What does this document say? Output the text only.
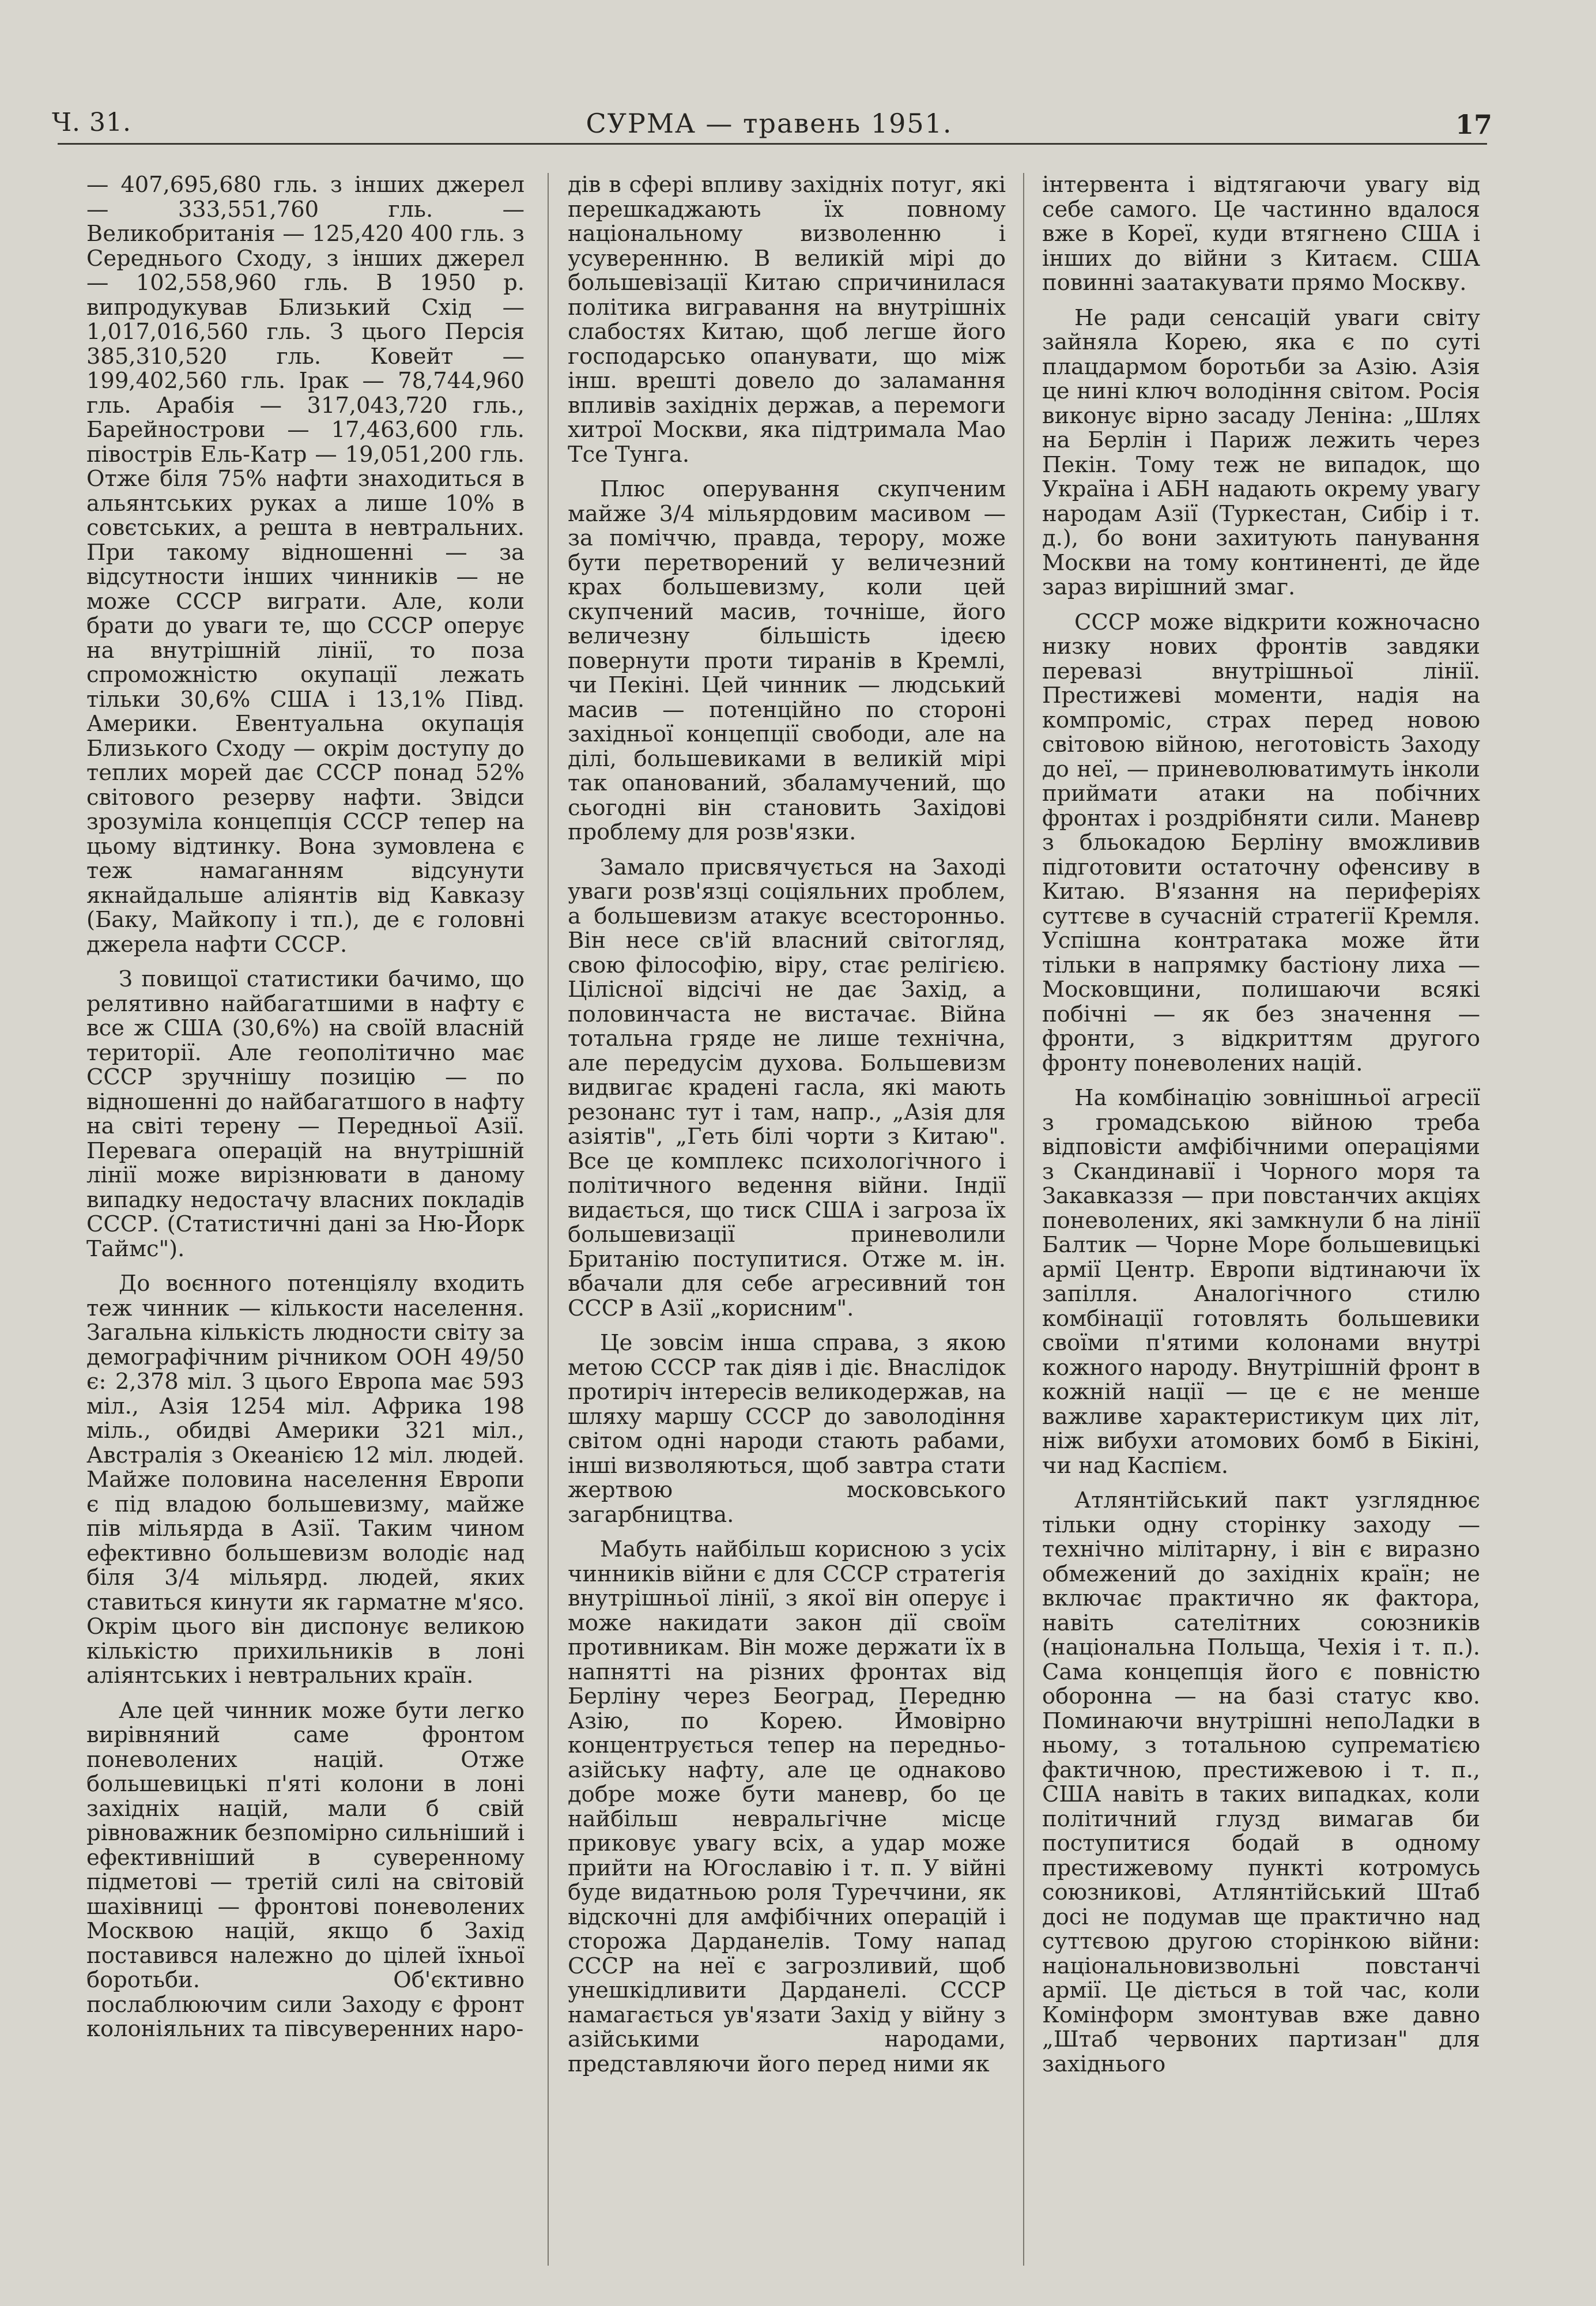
Ч. 31.	СУРМА — травень 1951.	17

— 407,695,680 гль. з інших джерел — 333,551,760 гль. — Великобританія — 125,420 400 гль. з Середнього Сходу, з інших джерел — 102,558,960 гль. В 1950 р. випродукував Близький Схід — 1,017,016,560 гль. З цього Персія 385,310,520 гль. Ковейт — 199,402,560 гль. Ірак — 78,744,960 гль. Арабія — 317,043,720 гль., Барейнострови — 17,463,600 гль. півостpів Ель-Катр — 19,051,200 гль. Отже біля 75% нафти знаходиться в альянтських руках а лише 10% в совєтських, а решта в невтральних. При такому відношенні — за відсутности інших чинників — не може СССР виграти. Але, коли брати до уваги те, що СССР оперує на внутрішній лінії, то поза спроможністю окупації лежать тільки 30,6% США і 13,1% Півд. Америки. Евентуальна окупація Близького Сходу — окрім доступу до теплих морей дає СССР понад 52% світового резерву нафти. Звідси зрозуміла концепція СССР тепер на цьому відтинку. Вона зумовлена є теж намаганням відсунути якнайдальше аліянтів від Кавказу (Баку, Майкопу і тп.), де є головні джерела нафти СССР.

З повищої статистики бачимо, що релятивно найбагатшими в нафту є все ж США (30,6%) на своїй власній території. Але геополітично має СССР зручнішу позицію — по відношенні до найбагатшого в нафту на світі терену — Передньої Азії. Перевага операцій на внутрішній лінії може вирізнювати в даному випадку недостачу власних покладів СССР. (Статистичні дані за Ню-Йорк Таймс").

До воєнного потенціялу входить теж чинник — кількости населення. Загальна кількість людности світу за демографічним річником ООН 49/50 є: 2,378 міл. З цього Европа має 593 міл., Азія 1254 міл. Африка 198 міль., обидві Америки 321 міл., Австралія з Океанією 12 міл. людей. Майже половина населення Европи є під владою большевизму, майже пів мільярда в Азії. Таким чином ефективно большевизм володіє над біля 3/4 мільярд. людей, яких ставиться кинути як гарматне м'ясо. Окрім цього він диспонує великою кількістю прихильників в лоні аліянтських і невтральних країн.

Але цей чинник може бути легко вирівняний саме фронтом поневолених націй. Отже большевицькі п'яті колони в лоні західніх націй, мали б свій рівноважник безпомірно сильніший і ефективніший в суверенному підметові — третій силі на світовій шахівниці — фронтові поневолених Москвою націй, якщо б Захід поставився належно до цілей їхньої боротьби. Об'єктивно послаблюючим сили Заходу є фронт колоніяльних та півсуверенних наро-

дів в сфері впливу західніх потуг, які перешкаджають їх повному національному визволенню і усувереннню. В великій мірі до большевізації Китаю спричинилася політика вигравання на внутрішніх слабостях Китаю, щоб легше його господарсько опанувати, що між інш. врешті довело до заламання впливів західніх держав, а перемоги хитрої Москви, яка підтримала Мао Тсе Тунга.

Плюс оперування скупченим майже 3/4 мільярдовим масивом — за поміччю, правда, терору, може бути перетворений у величезний крах большевизму, коли цей скупчений масив, точніше, його величезну більшість ідеєю повернути проти тиранів в Кремлі, чи Пекіні. Цей чинник — людський масив — потенційно по стороні західньої концепції свободи, але на ділі, большевиками в великій мірі так опанований, збаламучений, що сьогодні він становить Західові проблему для розв'язки.

Замало присвячується на Заході уваги розв'язці соціяльних проблем, а большевизм атакує всесторонньо. Він несе св'ій власний світогляд, свою філософію, віру, стає релігією. Цілісної відсічі не дає Захід, а половинчаста не вистачає. Війна тотальна гряде не лише технічна, але передусім духова. Большевизм видвигає крадені гасла, які мають резонанс тут і там, напр., „Азія для азіятів", „Геть білі чорти з Китаю". Все це комплекс психологічного і політичного ведення війни. Індії видається, що тиск США і загроза їх большевизації приневолили Британію поступитися. Отже м. ін. вбачали для себе агресивний тон СССР в Азії „корисним".

Це зовсім інша справа, з якою метою СССР так діяв і діє. Внаслідок протиріч інтересів великодержав, на шляху маршу СССР до заволодіння світом одні народи стають рабами, інші визволяються, щоб завтра стати жертвою московського загарбництва.

Мабуть найбільш корисною з усіх чинників війни є для СССР стратегія внутрішньої лінії, з якої він оперує і може накидати закон дії своїм противникам. Він може держати їх в напнятті на різних фронтах від Берліну через Београд, Передню Азію, по Корею. Ймовірно концентрується тепер на передньо-азійську нафту, але це однаково добре може бути маневр, бо це найбільш невральгічне місце приковує увагу всіх, а удар може прийти на Югославію і т. п. У війні буде видатньою роля Туреччини, як відскочні для амфібічних операцій і сторожа Дарданелів. Тому напад СССР на неї є загрозливий, щоб унешкідливити Дарданелі. СССР намагається ув'язати Захід у війну з азійськими народами, представляючи його перед ними як

інтервента і відтягаючи увагу від себе самого. Це частинно вдалося вже в Кореї, куди втягнено США і інших до війни з Китаєм. США повинні заатакувати прямо Москву.

Не ради сенсацій уваги світу зайняла Корею, яка є по суті плацдармом боротьби за Азію. Азія це нині ключ володіння світом. Росія виконує вірно засаду Леніна: „Шлях на Берлін і Париж лежить через Пекін. Тому теж не випадок, що Україна і АБН надають окрему увагу народам Азії (Туркестан, Сибір і т. д.), бо вони захитують панування Москви на тому континенті, де йде зараз вирішний змаг.

СССР може відкрити кожночасно низку нових фронтів завдяки перевазі внутрішньої лінії. Престижеві моменти, надія на компроміс, страх перед новою світовою війною, неготовість Заходу до неї, — приневолюватимуть інколи приймати атаки на побічних фронтах і роздрібняти сили. Маневр з бльокадою Берліну вможливив підготовити остаточну офенсиву в Китаю. В'язання на периферіях суттєве в сучасній стратегії Кремля. Успішна контратака може йти тільки в напрямку бастіону лиха — Московщини, полишаючи всякі побічні — як без значення — фронти, з відкриттям другого фронту поневолених націй.

На комбінацію зовнішньої агресії з громадською війною треба відповісти амфібічними операціями з Скандинавії і Чорного моря та Закавказзя — при повстанчих акціях поневолених, які замкнули б на лінії Балтик — Чорне Море большевицькі армії Центр. Европи відтинаючи їх запілля. Аналогічного стилю комбінації готовлять большевики своїми п'ятими колонами внутрі кожного народу. Внутрішній фронт в кожній нації — це є не менше важливе характеристикум цих літ, ніж вибухи атомових бомб в Бікіні, чи над Каспієм.

Атлянтійський пакт узгляднює тільки одну сторінку заходу — технічно мілітарну, і він є виразно обмежений до західніх країн; не включає практично як фактора, навіть сателітних союзників (національна Польща, Чехія і т. п.). Сама концепція його є повністю оборонна — на базі статус кво. Поминаючи внутрішні непоЛадки в ньому, з тотальною супрематією фактичною, престижевою і т. п., США навіть в таких випадках, коли політичний глузд вимагав би поступитися бодай в одному престижевому пункті котромусь союзникові, Атлянтійський Штаб досі не подумав ще практично над суттєвою другою сторінкою війни: національновизвольні повстанчі армії. Це діється в той час, коли Комінформ змонтував вже давно „Штаб червоних партизан" для західнього
